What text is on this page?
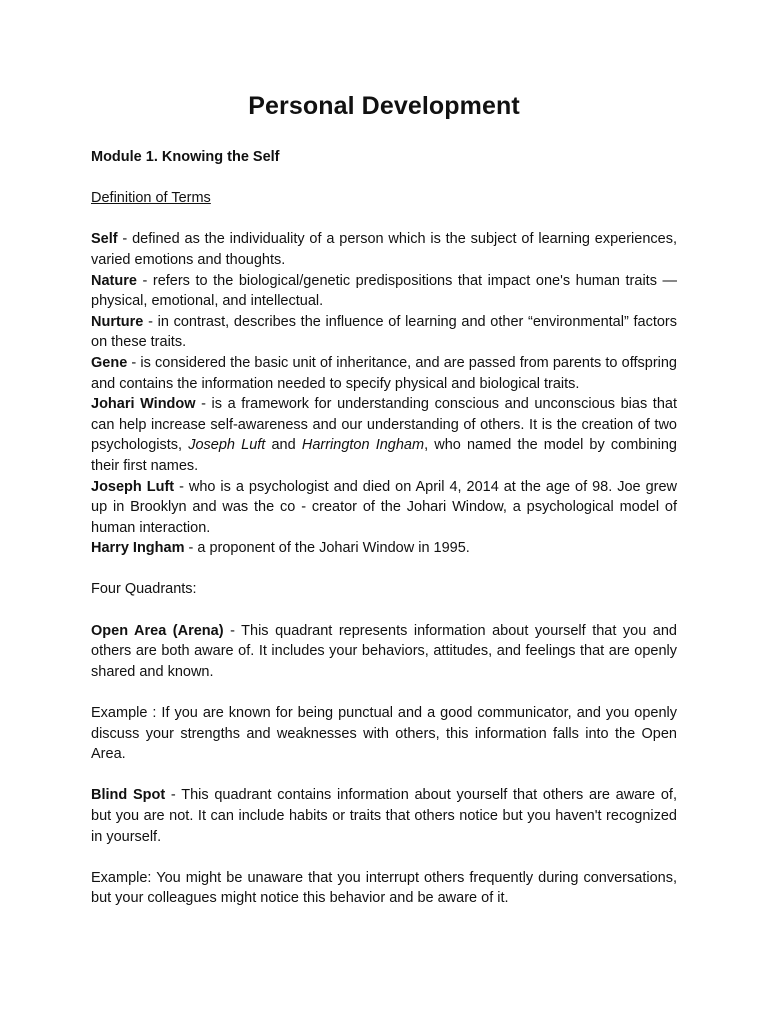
Personal Development

Module 1. Knowing the Self

Definition of Terms

Self - defined as the individuality of a person which is the subject of learning experiences, varied emotions and thoughts.

Nature - refers to the biological/genetic predispositions that impact one's human traits — physical, emotional, and intellectual.

Nurture - in contrast, describes the influence of learning and other “environmental” factors on these traits.

Gene - is considered the basic unit of inheritance, and are passed from parents to offspring and contains the information needed to specify physical and biological traits.

Johari Window - is a framework for understanding conscious and unconscious bias that can help increase self-awareness and our understanding of others. It is the creation of two psychologists, Joseph Luft and Harrington Ingham, who named the model by combining their first names.

Joseph Luft - who is a psychologist and died on April 4, 2014 at the age of 98. Joe grew up in Brooklyn and was the co - creator of the Johari Window, a psychological model of human interaction.

Harry Ingham - a proponent of the Johari Window in 1995.

Four Quadrants:

Open Area (Arena) - This quadrant represents information about yourself that you and others are both aware of. It includes your behaviors, attitudes, and feelings that are openly shared and known.

Example : If you are known for being punctual and a good communicator, and you openly discuss your strengths and weaknesses with others, this information falls into the Open Area.

Blind Spot - This quadrant contains information about yourself that others are aware of, but you are not. It can include habits or traits that others notice but you haven't recognized in yourself.

Example: You might be unaware that you interrupt others frequently during conversations, but your colleagues might notice this behavior and be aware of it.
